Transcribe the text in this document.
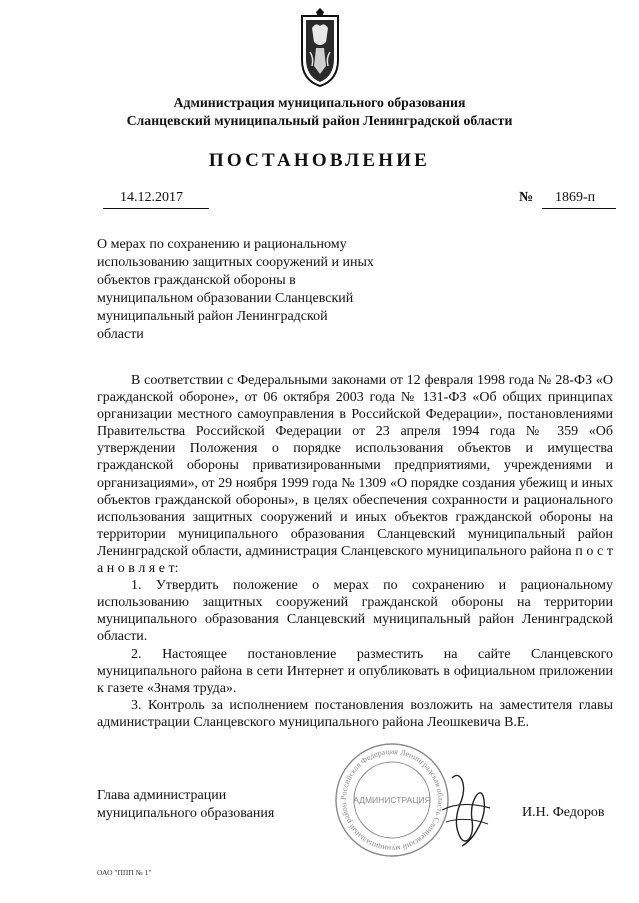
Администрация муниципального образования
Сланцевский муниципальный район Ленинградской области
ПОСТАНОВЛЕНИЕ
14.12.2017	№ 1869-п
О мерах по сохранению и рациональному использованию защитных сооружений и иных объектов гражданской обороны в муниципальном образовании Сланцевский муниципальный район Ленинградской области

В соответствии с Федеральными законами от 12 февраля 1998 года № 28-ФЗ «О гражданской обороне», от 06 октября 2003 года № 131-ФЗ «Об общих принципах организации местного самоуправления в Российской Федерации», постановлениями Правительства Российской Федерации от 23 апреля 1994 года № 359 «Об утверждении Положения о порядке использования объектов и имущества гражданской обороны приватизированными предприятиями, учреждениями и организациями», от 29 ноября 1999 года № 1309 «О порядке создания убежищ и иных объектов гражданской обороны», в целях обеспечения сохранности и рационального использования защитных сооружений и иных объектов гражданской обороны на территории муниципального образования Сланцевский муниципальный район Ленинградской области, администрация Сланцевского муниципального района п о с т а н о в л я е т:

1. Утвердить положение о мерах по сохранению и рациональному использованию защитных сооружений гражданской обороны на территории муниципального образования Сланцевский муниципальный район Ленинградской области.

2. Настоящее постановление разместить на сайте Сланцевского муниципального района в сети Интернет и опубликовать в официальном приложении к газете «Знамя труда».

3. Контроль за исполнением постановления возложить на заместителя главы администрации Сланцевского муниципального района Леошкевича В.Е.

Глава администрации
муниципального образования
Российская Федерация Ленинградская область Сланцевский муниципальный район АДМИНИСТРАЦИЯ
И.Н. Федоров
ОАО "ППП № 1"
